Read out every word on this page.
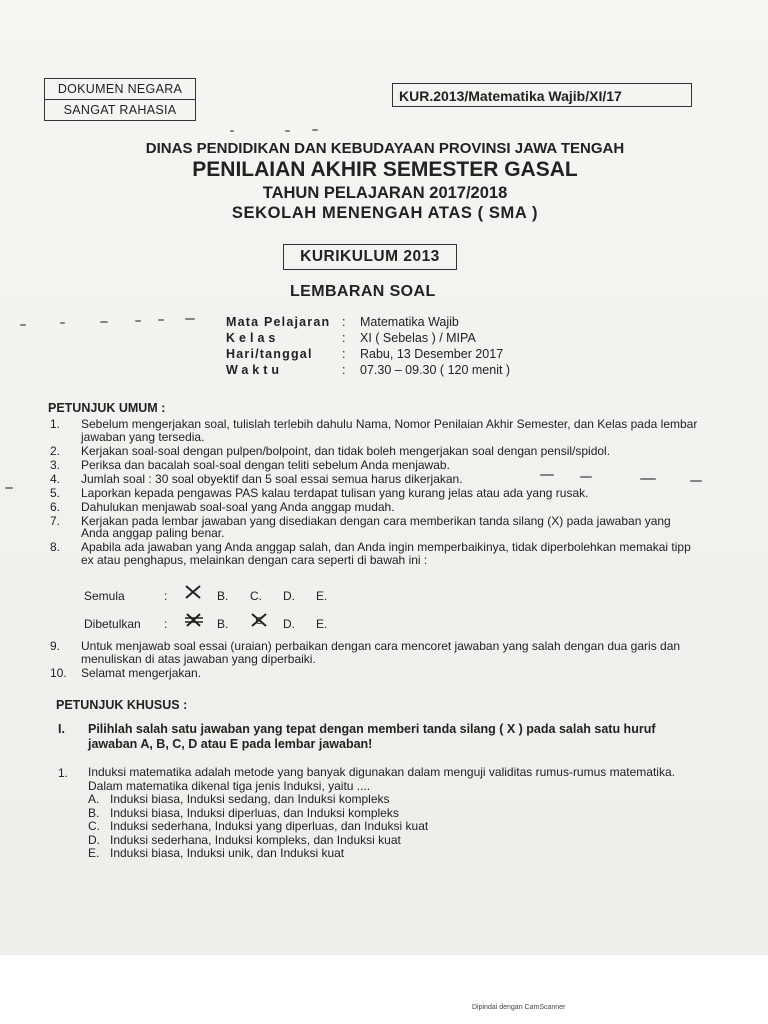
DOKUMEN NEGARA
SANGAT RAHASIA
KUR.2013/Matematika Wajib/XI/17
DINAS PENDIDIKAN DAN KEBUDAYAAN PROVINSI JAWA TENGAH
PENILAIAN AKHIR SEMESTER GASAL
TAHUN PELAJARAN 2017/2018
SEKOLAH MENENGAH ATAS ( SMA )
KURIKULUM 2013
LEMBARAN SOAL
Mata Pelajaran : Matematika Wajib
Kelas	: XI ( Sebelas ) / MIPA
Hari/tanggal : Rabu, 13 Desember 2017
Waktu	: 07.30 – 09.30 ( 120 menit )
PETUNJUK UMUM :
1. Sebelum mengerjakan soal, tulislah terlebih dahulu Nama, Nomor Penilaian Akhir Semester, dan Kelas pada lembar jawaban yang tersedia.
2. Kerjakan soal-soal dengan pulpen/bolpoint, dan tidak boleh mengerjakan soal dengan pensil/spidol.
3. Periksa dan bacalah soal-soal dengan teliti sebelum Anda menjawab.
4. Jumlah soal : 30 soal obyektif dan 5 soal essai semua harus dikerjakan.
5. Laporkan kepada pengawas PAS kalau terdapat tulisan yang kurang jelas atau ada yang rusak.
6. Dahulukan menjawab soal-soal yang Anda anggap mudah.
7. Kerjakan pada lembar jawaban yang disediakan dengan cara memberikan tanda silang (X) pada jawaban yang Anda anggap paling benar.
8. Apabila ada jawaban yang Anda anggap salah, dan Anda ingin memperbaikinya, tidak diperbolehkan memakai tipp ex atau penghapus, melainkan dengan cara seperti di bawah ini :
Semula	:	B. C. D. E.
Dibetulkan :	B.	C D. E.
9. Untuk menjawab soal essai (uraian) perbaikan dengan cara mencoret jawaban yang salah dengan dua garis dan menuliskan di atas jawaban yang diperbaiki.
10. Selamat mengerjakan.
PETUNJUK KHUSUS :
I.	Pilihlah salah satu jawaban yang tepat dengan memberi tanda silang ( X ) pada salah satu huruf jawaban A, B, C, D atau E pada lembar jawaban!
1.	Induksi matematika adalah metode yang banyak digunakan dalam menguji validitas rumus-rumus matematika. Dalam matematika dikenal tiga jenis Induksi, yaitu ....
A. Induksi biasa, Induksi sedang, dan Induksi kompleks
B. Induksi biasa, Induksi diperluas, dan Induksi kompleks
C. Induksi sederhana, Induksi yang diperluas, dan Induksi kuat
D. Induksi sederhana, Induksi kompleks, dan Induksi kuat
E. Induksi biasa, Induksi unik, dan Induksi kuat
Dipindai dengan CamScanner
